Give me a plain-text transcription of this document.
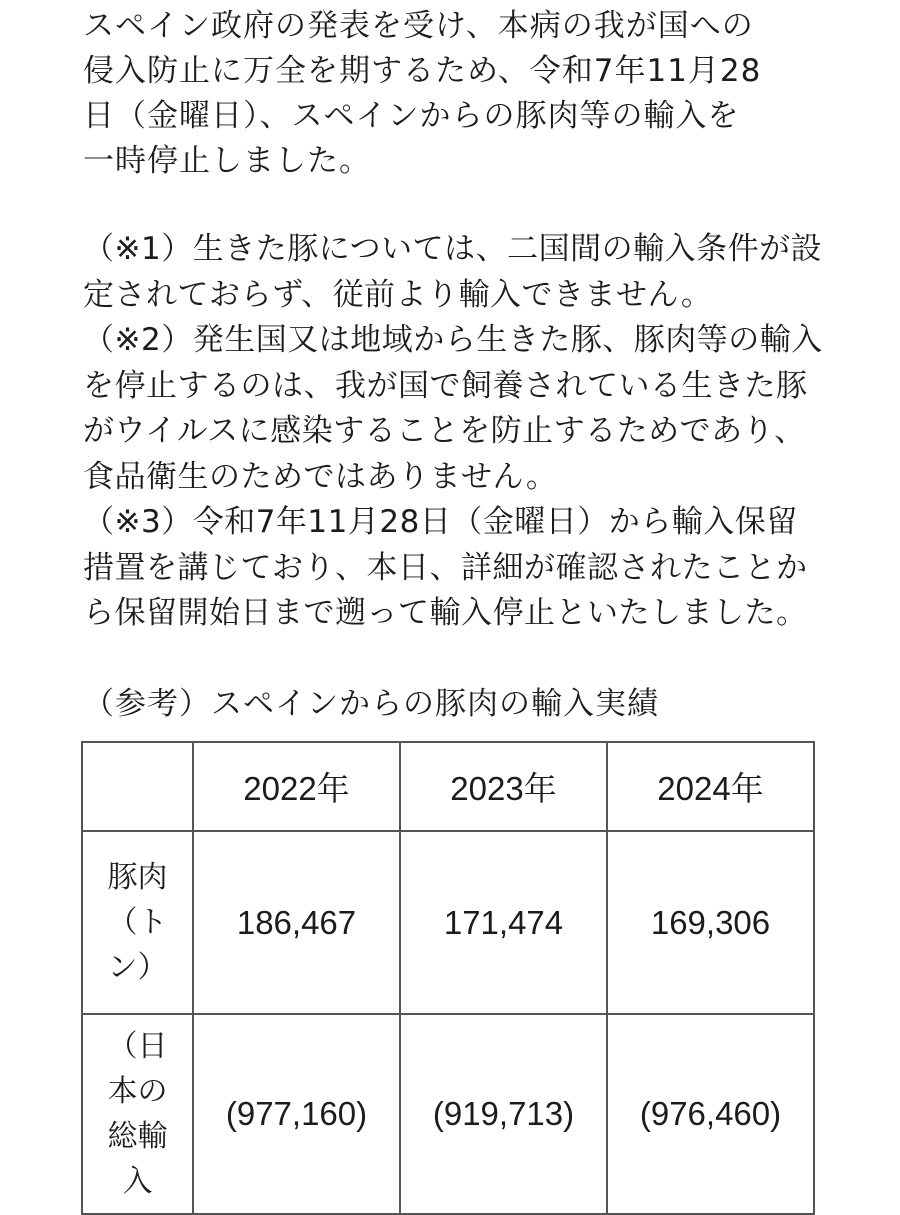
スペイン政府の発表を受け、本病の我が国への
侵入防止に万全を期するため、令和7年11月28
日（金曜日）、スペインからの豚肉等の輸入を
一時停止しました。
（※1）生きた豚については、二国間の輸入条件が設
定されておらず、従前より輸入できません。
（※2）発生国又は地域から生きた豚、豚肉等の輸入
を停止するのは、我が国で飼養されている生きた豚
がウイルスに感染することを防止するためであり、
食品衛生のためではありません。
（※3）令和7年11月28日（金曜日）から輸入保留
措置を講じており、本日、詳細が確認されたことか
ら保留開始日まで遡って輸入停止といたしました。
（参考）スペインからの豚肉の輸入実績
	2022年	2023年	2024年

豚肉
（ト
ン）	186,467	171,474	169,306

（日
本の
総輸
入	(977,160)	(919,713)	(976,460)
